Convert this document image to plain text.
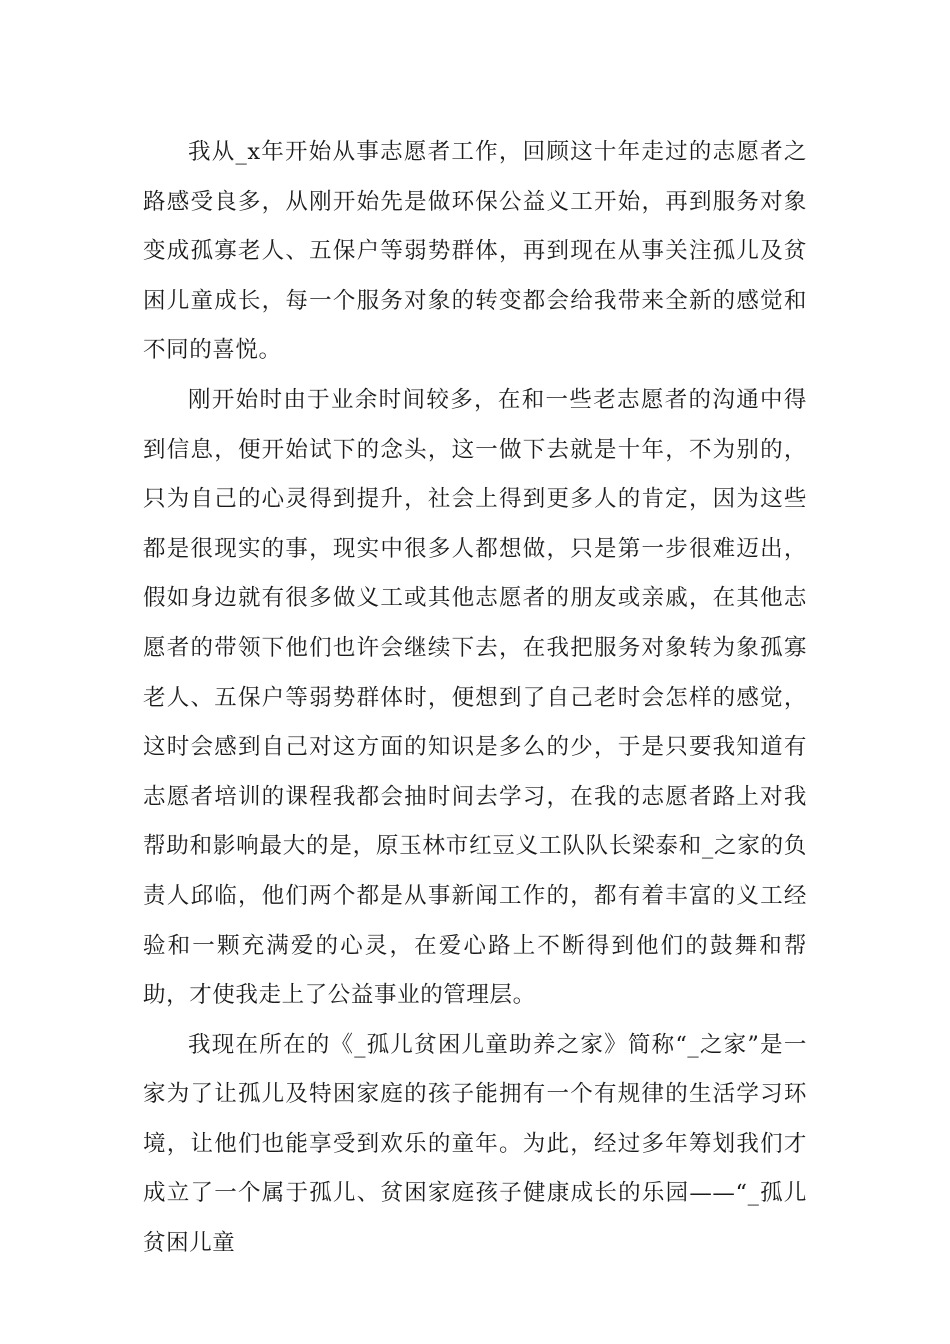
我从_x年开始从事志愿者工作，回顾这十年走过的志愿者之路感受良多，从刚开始先是做环保公益义工开始，再到服务对象变成孤寡老人、五保户等弱势群体，再到现在从事关注孤儿及贫困儿童成长，每一个服务对象的转变都会给我带来全新的感觉和不同的喜悦。

刚开始时由于业余时间较多，在和一些老志愿者的沟通中得到信息，便开始试下的念头，这一做下去就是十年，不为别的，只为自己的心灵得到提升，社会上得到更多人的肯定，因为这些都是很现实的事，现实中很多人都想做，只是第一步很难迈出，假如身边就有很多做义工或其他志愿者的朋友或亲戚，在其他志愿者的带领下他们也许会继续下去，在我把服务对象转为象孤寡老人、五保户等弱势群体时，便想到了自己老时会怎样的感觉，这时会感到自己对这方面的知识是多么的少，于是只要我知道有志愿者培训的课程我都会抽时间去学习，在我的志愿者路上对我帮助和影响最大的是，原玉林市红豆义工队队长梁泰和_之家的负责人邱临，他们两个都是从事新闻工作的，都有着丰富的义工经验和一颗充满爱的心灵，在爱心路上不断得到他们的鼓舞和帮助，才使我走上了公益事业的管理层。

我现在所在的《_孤儿贫困儿童助养之家》简称“_之家”是一家为了让孤儿及特困家庭的孩子能拥有一个有规律的生活学习环境，让他们也能享受到欢乐的童年。为此，经过多年筹划我们才成立了一个属于孤儿、贫困家庭孩子健康成长的乐园——“_孤儿贫困儿童
